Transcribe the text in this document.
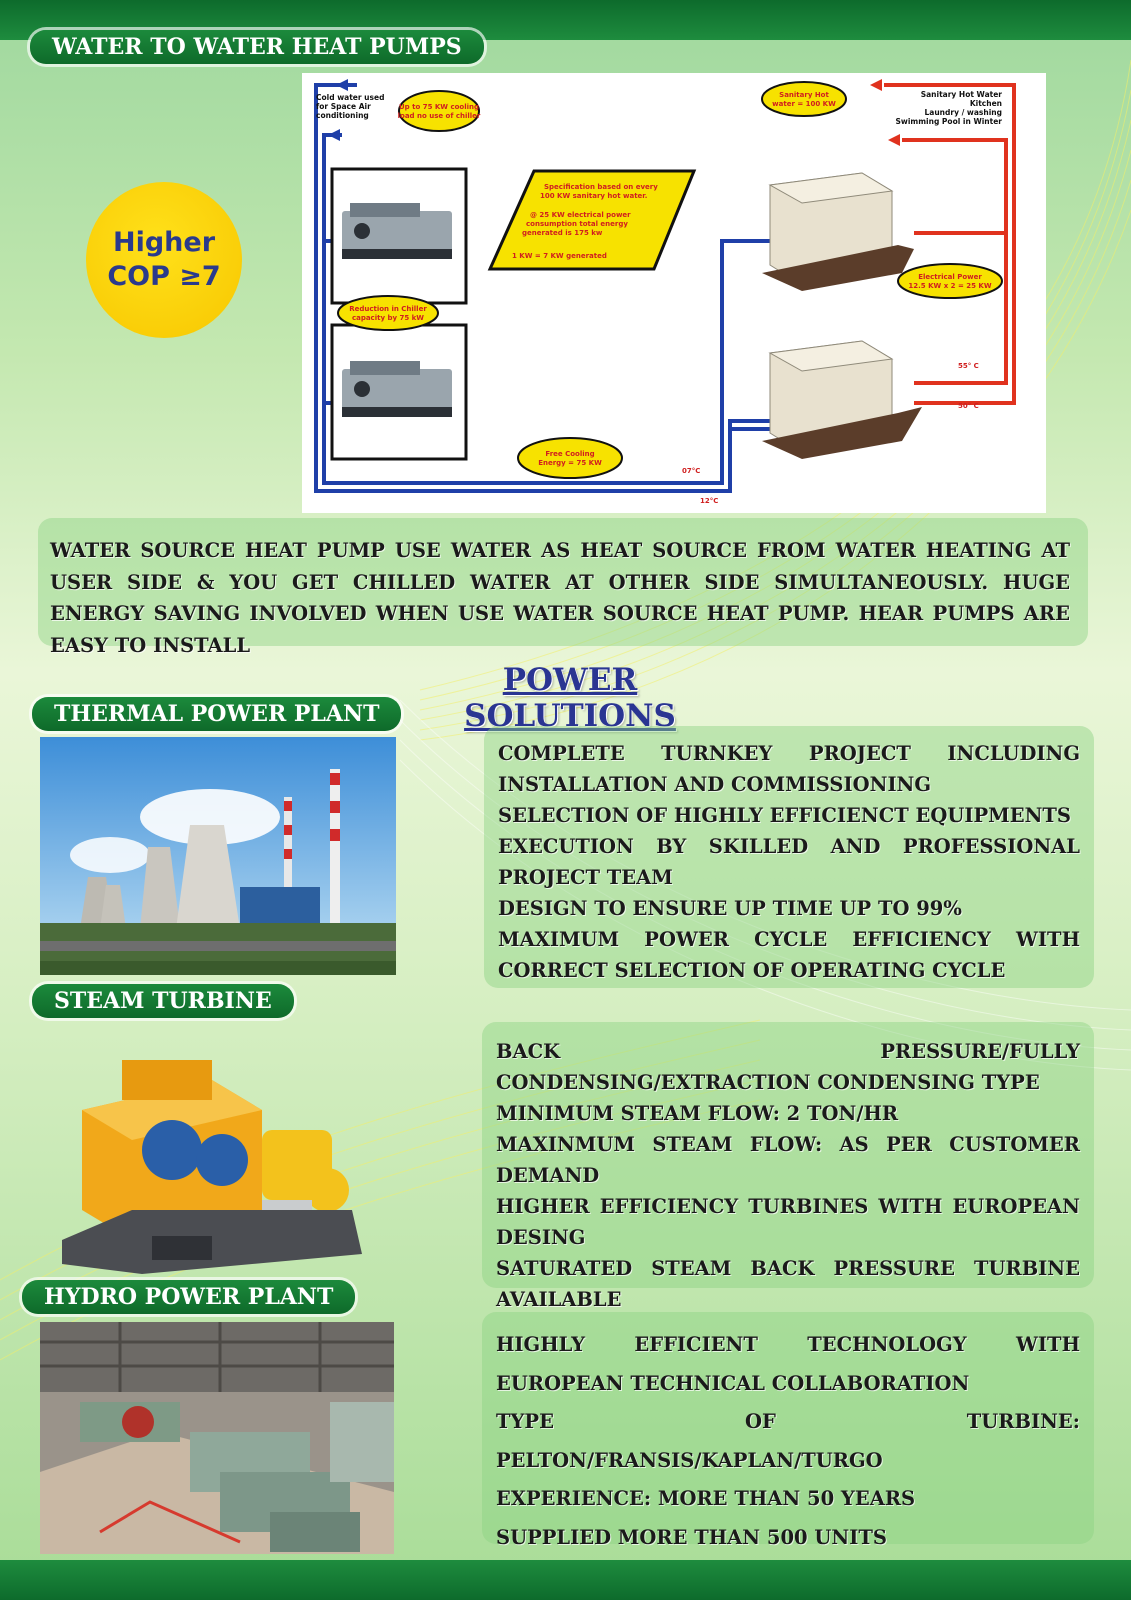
WATER TO WATER HEAT PUMPS
Higher
COP ≥7
Cold water used
for Space Air
conditioning
Up to 75 KW cooling
load no use of chiller
Sanitary Hot
water = 100 KW
Reduction in Chiller
capacity by 75 kW
Electrical Power
12.5 KW x 2 = 25 KW
Free Cooling
Energy = 75 KW
Sanitary Hot Water
Kitchen
Laundry / washing
Swimming Pool in Winter
Specification based on every
100 KW sanitary hot water.
@ 25 KW electrical power
consumption total energy
generated is 175 kw
1 KW = 7 KW generated
55° C
50° C
07°C
12°C

WATER SOURCE HEAT PUMP USE WATER AS HEAT SOURCE FROM WATER HEATING AT USER SIDE & YOU GET CHILLED WATER AT OTHER SIDE SIMULTANEOUSLY. HUGE ENERGY SAVING INVOLVED WHEN USE WATER SOURCE HEAT PUMP. HEAR PUMPS ARE EASY TO INSTALL

POWER SOLUTIONS
THERMAL POWER PLANT
COMPLETE TURNKEY PROJECT INCLUDING INSTALLATION AND COMMISSIONING
SELECTION OF HIGHLY EFFICIENCT EQUIPMENTS
EXECUTION BY SKILLED AND PROFESSIONAL PROJECT TEAM
DESIGN TO ENSURE UP TIME UP TO 99%
MAXIMUM POWER CYCLE EFFICIENCY WITH CORRECT SELECTION OF OPERATING CYCLE
STEAM TURBINE
BACK PRESSURE/FULLY CONDENSING/EXTRACTION CONDENSING TYPE
MINIMUM STEAM FLOW: 2 TON/HR
MAXINMUM STEAM FLOW: AS PER CUSTOMER DEMAND
HIGHER EFFICIENCY TURBINES WITH EUROPEAN DESING
SATURATED STEAM BACK PRESSURE TURBINE AVAILABLE
HYDRO POWER PLANT
HIGHLY EFFICIENT TECHNOLOGY WITH EUROPEAN TECHNICAL COLLABORATION
TYPE OF TURBINE: PELTON/FRANSIS/KAPLAN/TURGO
EXPERIENCE: MORE THAN 50 YEARS
SUPPLIED MORE THAN 500 UNITS
